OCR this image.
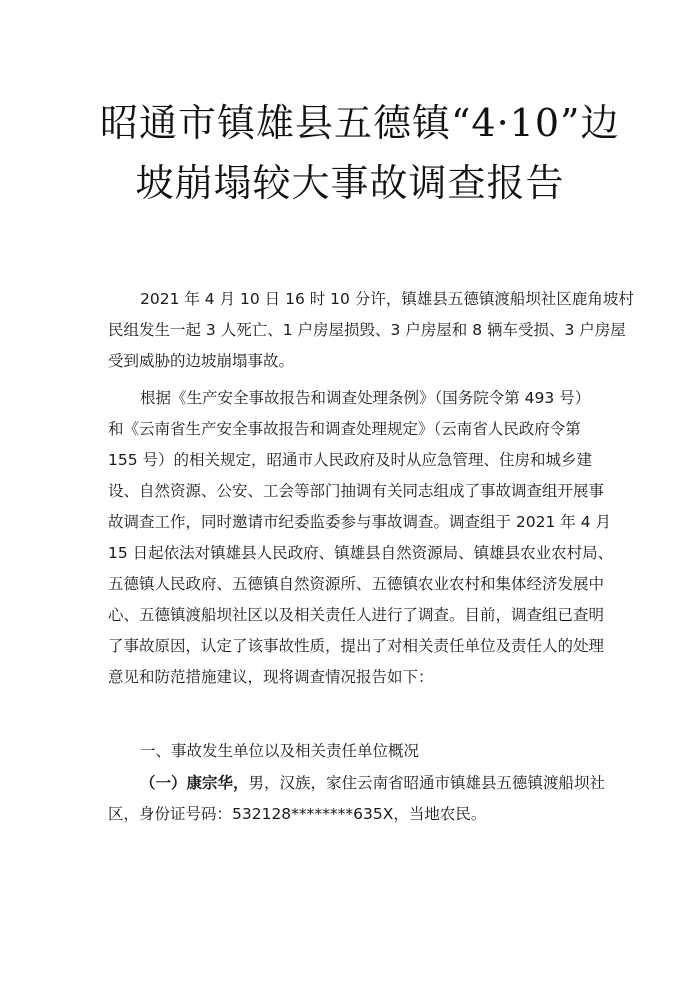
昭通市镇雄县五德镇“4·10”边
坡崩塌较大事故调查报告
2021 年 4 月 10 日 16 时 10 分许，镇雄县五德镇渡船坝社区鹿角坡村
民组发生一起 3 人死亡、1 户房屋损毁、3 户房屋和 8 辆车受损、3 户房屋
受到威胁的边坡崩塌事故。
根据《生产安全事故报告和调查处理条例》（国务院令第 493 号）
和《云南省生产安全事故报告和调查处理规定》（云南省人民政府令第
155 号）的相关规定，昭通市人民政府及时从应急管理、住房和城乡建
设、自然资源、公安、工会等部门抽调有关同志组成了事故调查组开展事
故调查工作，同时邀请市纪委监委参与事故调查。调查组于 2021 年 4 月
15 日起依法对镇雄县人民政府、镇雄县自然资源局、镇雄县农业农村局、
五德镇人民政府、五德镇自然资源所、五德镇农业农村和集体经济发展中
心、五德镇渡船坝社区以及相关责任人进行了调查。目前，调查组已查明
了事故原因，认定了该事故性质，提出了对相关责任单位及责任人的处理
意见和防范措施建议，现将调查情况报告如下：
一、事故发生单位以及相关责任单位概况
（一）康宗华，男，汉族，家住云南省昭通市镇雄县五德镇渡船坝社
区，身份证号码：532128********635X，当地农民。
